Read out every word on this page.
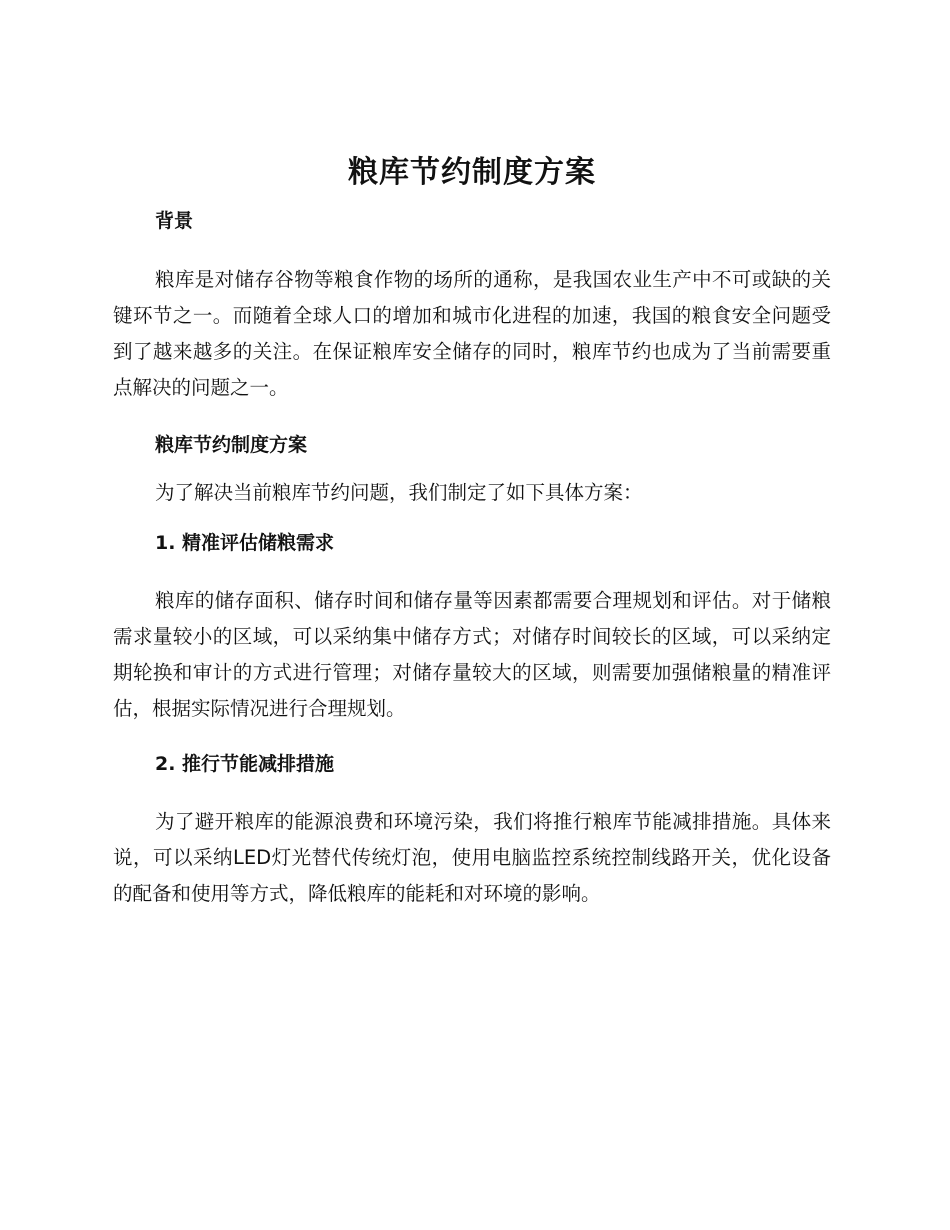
粮库节约制度方案
背景

粮库是对储存谷物等粮食作物的场所的通称，是我国农业生产中不可或缺的关键环节之一。而随着全球人口的增加和城市化进程的加速，我国的粮食安全问题受到了越来越多的关注。在保证粮库安全储存的同时，粮库节约也成为了当前需要重点解决的问题之一。

粮库节约制度方案

为了解决当前粮库节约问题，我们制定了如下具体方案：

1. 精准评估储粮需求

粮库的储存面积、储存时间和储存量等因素都需要合理规划和评估。对于储粮需求量较小的区域，可以采纳集中储存方式；对储存时间较长的区域，可以采纳定期轮换和审计的方式进行管理；对储存量较大的区域，则需要加强储粮量的精准评估，根据实际情况进行合理规划。

2. 推行节能减排措施

为了避开粮库的能源浪费和环境污染，我们将推行粮库节能减排措施。具体来说，可以采纳LED灯光替代传统灯泡，使用电脑监控系统控制线路开关，优化设备的配备和使用等方式，降低粮库的能耗和对环境的影响。
